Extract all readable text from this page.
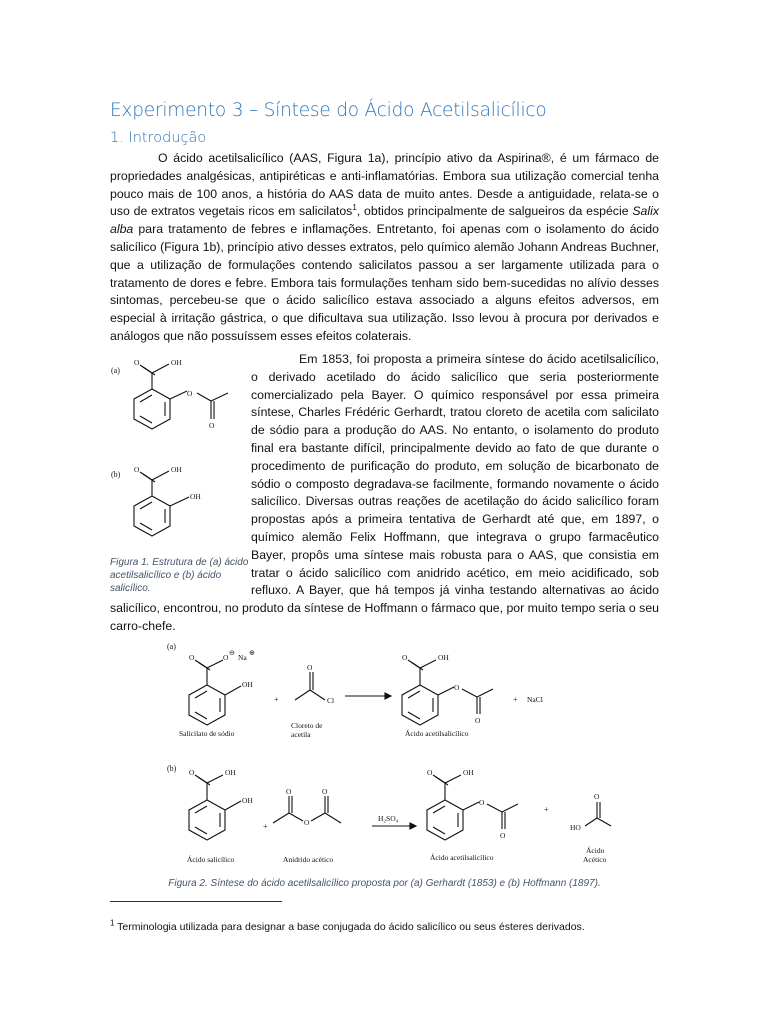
Experimento 3 – Síntese do Ácido Acetilsalicílico
1. Introdução

O ácido acetilsalicílico (AAS, Figura 1a), princípio ativo da Aspirina®, é um fármaco de propriedades analgésicas, antipiréticas e anti-inflamatórias. Embora sua utilização comercial tenha pouco mais de 100 anos, a história do AAS data de muito antes. Desde a antiguidade, relata-se o uso de extratos vegetais ricos em salicilatos$^1$, obtidos principalmente de salgueiros da espécie Salix alba para tratamento de febres e inflamações. Entretanto, foi apenas com o isolamento do ácido salicílico (Figura 1b), princípio ativo desses extratos, pelo químico alemão Johann Andreas Buchner, que a utilização de formulações contendo salicilatos passou a ser largamente utilizada para o tratamento de dores e febre. Embora tais formulações tenham sido bem-sucedidas no alívio desses sintomas, percebeu-se que o ácido salicílico estava associado a alguns efeitos adversos, em especial à irritação gástrica, o que dificultava sua utilização. Isso levou à procura por derivados e análogos que não possuíssem esses efeitos colaterais.

Em 1853, foi proposta a primeira síntese do ácido acetilsalicílico, o derivado acetilado do ácido salicílico que seria posteriormente comercializado pela Bayer. O químico responsável por essa primeira síntese, Charles Frédéric Gerhardt, tratou cloreto de acetila com salicilato de sódio para a produção do AAS. No entanto, o isolamento do produto final era bastante difícil, principalmente devido ao fato de que durante o procedimento de purificação do produto, em solução de bicarbonato de sódio o composto degradava-se facilmente, formando novamente o ácido salicílico. Diversas outras reações de acetilação do ácido salicílico foram propostas após a primeira tentativa de Gerhardt até que, em 1897, o químico alemão Felix Hoffmann, que integrava o grupo farmacêutico Bayer, propôs uma síntese mais robusta para o AAS, que consistia em tratar o ácido salicílico com anidrido acético, em meio acidificado, sob refluxo. A Bayer, que há tempos já vinha testando alternativas ao ácido salicílico, encontrou, no produto da síntese de Hoffmann o fármaco que, por muito tempo seria o seu carro-chefe.
(a)
OH
O
O
O
(b)
OH
OH
O
Figura 1. Estrutura de (a) ácido acetilsalicílico e (b) ácido salicílico.
(a)
O	O ⊖ Na ⊕
OH
+
O
Cl
O	OH
O
O
+ NaCl
Salicilato de sódio
Cloreto de
acetila	Ácido acetilsalicílico
(b) O	OH
OH
+
O
O
O
H₂SO₄
O	OH
O
O
+
O
HO
Ácido salicílico	Anidrido acético	Ácido acetilsalicílico
Ácido
Acético
Figura 2. Síntese do ácido acetilsalicílico proposta por (a) Gerhardt (1853) e (b) Hoffmann (1897).
$^1$ Terminologia utilizada para designar a base conjugada do ácido salicílico ou seus ésteres derivados.
